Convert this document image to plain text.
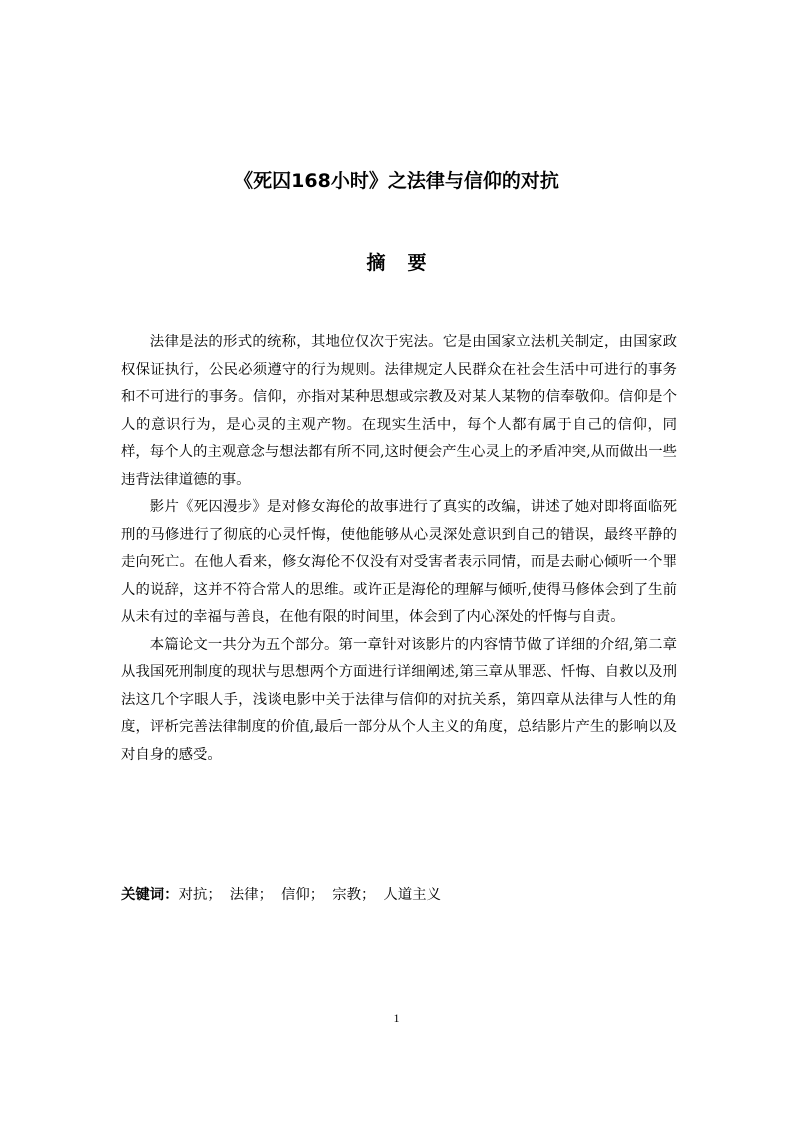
《死囚168小时》之法律与信仰的对抗
摘要

法律是法的形式的统称，其地位仅次于宪法。它是由国家立法机关制定，由国家政权保证执行，公民必须遵守的行为规则。法律规定人民群众在社会生活中可进行的事务和不可进行的事务。信仰，亦指对某种思想或宗教及对某人某物的信奉敬仰。信仰是个人的意识行为，是心灵的主观产物。在现实生活中，每个人都有属于自己的信仰，同样，每个人的主观意念与想法都有所不同,这时便会产生心灵上的矛盾冲突,从而做出一些违背法律道德的事。

影片《死囚漫步》是对修女海伦的故事进行了真实的改编，讲述了她对即将面临死刑的马修进行了彻底的心灵忏悔，使他能够从心灵深处意识到自己的错误，最终平静的走向死亡。在他人看来，修女海伦不仅没有对受害者表示同情，而是去耐心倾听一个罪人的说辞，这并不符合常人的思维。或许正是海伦的理解与倾听,使得马修体会到了生前从未有过的幸福与善良，在他有限的时间里，体会到了内心深处的忏悔与自责。

本篇论文一共分为五个部分。第一章针对该影片的内容情节做了详细的介绍,第二章从我国死刑制度的现状与思想两个方面进行详细阐述,第三章从罪恶、忏悔、自救以及刑法这几个字眼人手，浅谈电影中关于法律与信仰的对抗关系，第四章从法律与人性的角度，评析完善法律制度的价值,最后一部分从个人主义的角度，总结影片产生的影响以及对自身的感受。

关键词：对抗； 法律； 信仰； 宗教； 人道主义
1
